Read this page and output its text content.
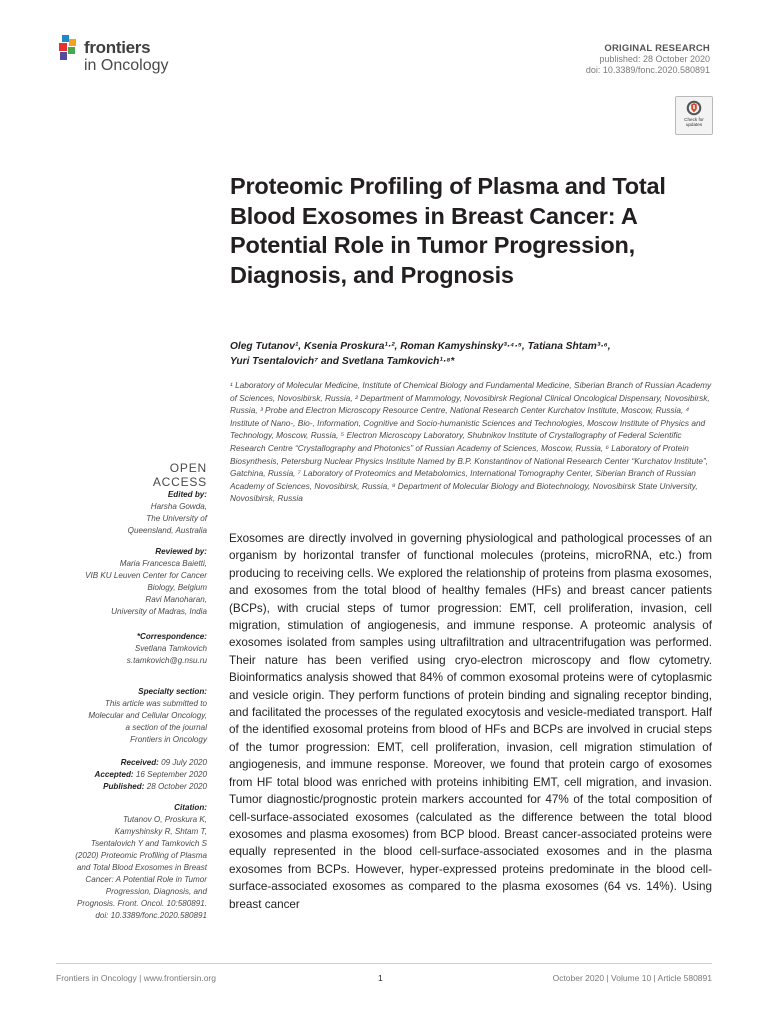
frontiers
in Oncology
ORIGINAL RESEARCH
published: 28 October 2020
doi: 10.3389/fonc.2020.580891
Check for
updates
Proteomic Profiling of Plasma and Total Blood Exosomes in Breast Cancer: A Potential Role in Tumor Progression, Diagnosis, and Prognosis
Oleg Tutanov¹, Ksenia Proskura¹·², Roman Kamyshinsky³·⁴·⁵, Tatiana Shtam³·⁶,
Yuri Tsentalovich⁷ and Svetlana Tamkovich¹·⁸*
¹ Laboratory of Molecular Medicine, Institute of Chemical Biology and Fundamental Medicine, Siberian Branch of Russian Academy of Sciences, Novosibirsk, Russia, ² Department of Mammology, Novosibirsk Regional Clinical Oncological Dispensary, Novosibirsk, Russia, ³ Probe and Electron Microscopy Resource Centre, National Research Center Kurchatov Institute, Moscow, Russia, ⁴ Institute of Nano-, Bio-, Information, Cognitive and Socio-humanistic Sciences and Technologies, Moscow Institute of Physics and Technology, Moscow, Russia, ⁵ Electron Microscopy Laboratory, Shubnikov Institute of Crystallography of Federal Scientific Research Centre “Crystallography and Photonics” of Russian Academy of Sciences, Moscow, Russia, ⁶ Laboratory of Protein Biosynthesis, Petersburg Nuclear Physics Institute Named by B.P. Konstantinov of National Research Center “Kurchatov Institute”, Gatchina, Russia, ⁷ Laboratory of Proteomics and Metabolomics, International Tomography Center, Siberian Branch of Russian Academy of Sciences, Novosibirsk, Russia, ⁸ Department of Molecular Biology and Biotechnology, Novosibirsk State University, Novosibirsk, Russia
OPEN ACCESS
Edited by:
Harsha Gowda,
The University of
Queensland, Australia
Reviewed by:
Maria Francesca Baietti,
VIB KU Leuven Center for Cancer
Biology, Belgium
Ravi Manoharan,
University of Madras, India
*Correspondence:
Svetlana Tamkovich
s.tamkovich@g.nsu.ru
Specialty section:
This article was submitted to
Molecular and Cellular Oncology,
a section of the journal
Frontiers in Oncology
Received: 09 July 2020
Accepted: 16 September 2020
Published: 28 October 2020
Citation:
Tutanov O, Proskura K,
Kamyshinsky R, Shtam T,
Tsentalovich Y and Tamkovich S
(2020) Proteomic Profiling of Plasma
and Total Blood Exosomes in Breast
Cancer: A Potential Role in Tumor
Progression, Diagnosis, and
Prognosis. Front. Oncol. 10:580891.
doi: 10.3389/fonc.2020.580891
Exosomes are directly involved in governing physiological and pathological processes of an organism by horizontal transfer of functional molecules (proteins, microRNA, etc.) from producing to receiving cells. We explored the relationship of proteins from plasma exosomes, and exosomes from the total blood of healthy females (HFs) and breast cancer patients (BCPs), with crucial steps of tumor progression: EMT, cell proliferation, invasion, cell migration, stimulation of angiogenesis, and immune response. A proteomic analysis of exosomes isolated from samples using ultrafiltration and ultracentrifugation was performed. Their nature has been verified using cryo-electron microscopy and flow cytometry. Bioinformatics analysis showed that 84% of common exosomal proteins were of cytoplasmic and vesicle origin. They perform functions of protein binding and signaling receptor binding, and facilitated the processes of the regulated exocytosis and vesicle-mediated transport. Half of the identified exosomal proteins from blood of HFs and BCPs are involved in crucial steps of the tumor progression: EMT, cell proliferation, invasion, cell migration stimulation of angiogenesis, and immune response. Moreover, we found that protein cargo of exosomes from HF total blood was enriched with proteins inhibiting EMT, cell migration, and invasion. Tumor diagnostic/prognostic protein markers accounted for 47% of the total composition of cell-surface-associated exosomes (calculated as the difference between the total blood exosomes and plasma exosomes) from BCP blood. Breast cancer-associated proteins were equally represented in the blood cell-surface-associated exosomes and in the plasma exosomes from BCPs. However, hyper-expressed proteins predominate in the blood cell-surface-associated exosomes as compared to the plasma exosomes (64 vs. 14%). Using breast cancer
Frontiers in Oncology | www.frontiersin.org	1	October 2020 | Volume 10 | Article 580891
